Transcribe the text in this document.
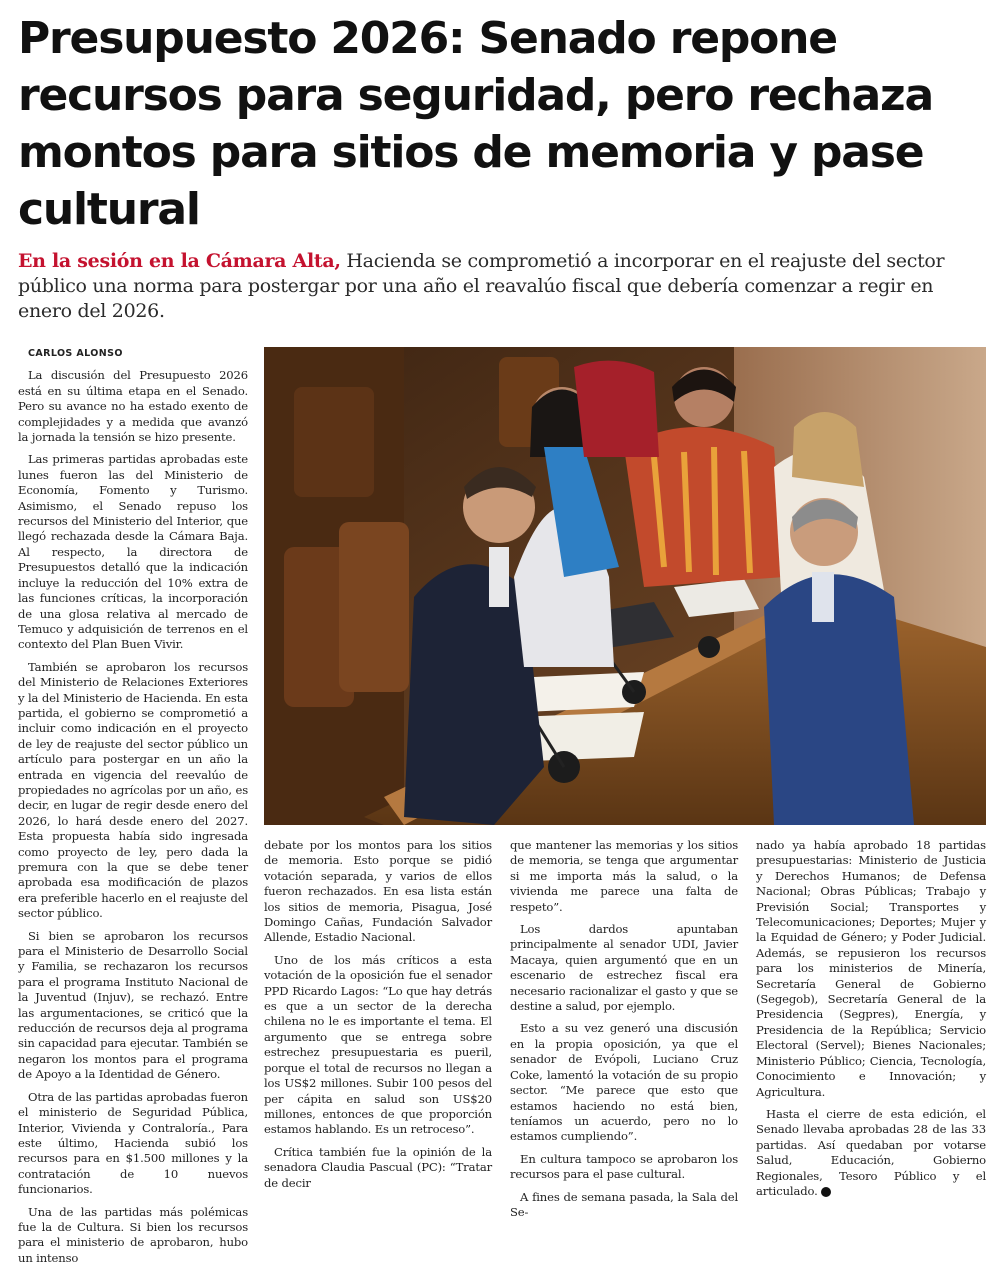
Presupuesto 2026: Senado repone recursos para seguridad, pero rechaza montos para sitios de memoria y pase cultural

En la sesión en la Cámara Alta, Hacienda se comprometió a incorporar en el reajuste del sector público una norma para postergar por una año el reavalúo fiscal que debería comenzar a regir en enero del 2026.

CARLOS ALONSO

La discusión del Presupuesto 2026 está en su última etapa en el Senado. Pero su avance no ha estado exento de complejidades y a medida que avanzó la jornada la tensión se hizo presente.

Las primeras partidas aprobadas este lunes fueron las del Ministerio de Economía, Fomento y Turismo. Asimismo, el Senado repuso los recursos del Ministerio del Interior, que llegó rechazada desde la Cámara Baja. Al respecto, la directora de Presupuestos detalló que la indicación incluye la reducción del 10% extra de las funciones críticas, la incorporación de una glosa relativa al mercado de Temuco y adquisición de terrenos en el contexto del Plan Buen Vivir.

También se aprobaron los recursos del Ministerio de Relaciones Exteriores y la del Ministerio de Hacienda. En esta partida, el gobierno se comprometió a incluir como indicación en el proyecto de ley de reajuste del sector público un artículo para postergar en un año la entrada en vigencia del reevalúo de propiedades no agrícolas por un año, es decir, en lugar de regir desde enero del 2026, lo hará desde enero del 2027. Esta propuesta había sido ingresada como proyecto de ley, pero dada la premura con la que se debe tener aprobada esa modificación de plazos era preferible hacerlo en el reajuste del sector público.

Si bien se aprobaron los recursos para el Ministerio de Desarrollo Social y Familia, se rechazaron los recursos para el programa Instituto Nacional de la Juventud (Injuv), se rechazó. Entre las argumentaciones, se criticó que la reducción de recursos deja al programa sin capacidad para ejecutar. También se negaron los montos para el programa de Apoyo a la Identidad de Género.

Otra de las partidas aprobadas fueron el ministerio de Seguridad Pública, Interior, Vivienda y Contraloría., Para este último, Hacienda subió los recursos para en $1.500 millones y la contratación de 10 nuevos funcionarios.

Una de las partidas más polémicas fue la de Cultura. Si bien los recursos para el ministerio de aprobaron, hubo un intenso

debate por los montos para los sitios de memoria. Esto porque se pidió votación separada, y varios de ellos fueron rechazados. En esa lista están los sitios de memoria, Pisagua, José Domingo Cañas, Fundación Salvador Allende, Estadio Nacional.

Uno de los más críticos a esta votación de la oposición fue el senador PPD Ricardo Lagos: “Lo que hay detrás es que a un sector de la derecha chilena no le es importante el tema. El argumento que se entrega sobre estrechez presupuestaria es pueril, porque el total de recursos no llegan a los US$2 millones. Subir 100 pesos del per cápita en salud son US$20 millones, entonces de que proporción estamos hablando. Es un retroceso”.

Crítica también fue la opinión de la senadora Claudia Pascual (PC): “Tratar de decir

que mantener las memorias y los sitios de memoria, se tenga que argumentar si me importa más la salud, o la vivienda me parece una falta de respeto”.

Los dardos apuntaban principalmente al senador UDI, Javier Macaya, quien argumentó que en un escenario de estrechez fiscal era necesario racionalizar el gasto y que se destine a salud, por ejemplo.

Esto a su vez generó una discusión en la propia oposición, ya que el senador de Evópoli, Luciano Cruz Coke, lamentó la votación de su propio sector. “Me parece que esto que estamos haciendo no está bien, teníamos un acuerdo, pero no lo estamos cumpliendo”.

En cultura tampoco se aprobaron los recursos para el pase cultural.

A fines de semana pasada, la Sala del Se-

nado ya había aprobado 18 partidas presupuestarias: Ministerio de Justicia y Derechos Humanos; de Defensa Nacional; Obras Públicas; Trabajo y Previsión Social; Transportes y Telecomunicaciones; Deportes; Mujer y la Equidad de Género; y Poder Judicial. Además, se repusieron los recursos para los ministerios de Minería, Secretaría General de Gobierno (Segegob), Secretaría General de la Presidencia (Segpres), Energía, y Presidencia de la República; Servicio Electoral (Servel); Bienes Nacionales; Ministerio Público; Ciencia, Tecnología, Conocimiento e Innovación; y Agricultura.

Hasta el cierre de esta edición, el Senado llevaba aprobadas 28 de las 33 partidas. Así quedaban por votarse Salud, Educación, Gobierno Regionales, Tesoro Público y el articulado. P
